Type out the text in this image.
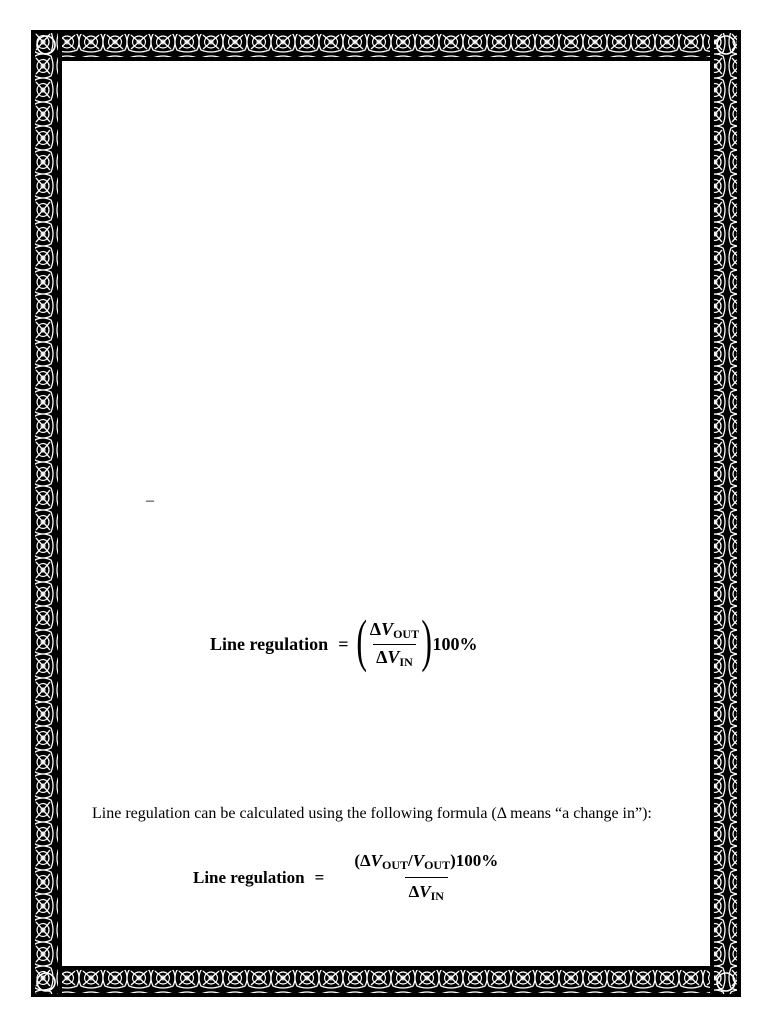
–
Line regulation = ( $\frac{\Delta V_{OUT}}{\Delta V_{IN}}$ ) 100%

Line regulation can be calculated using the following formula (Δ means “a change in”):

Line regulation = $\frac{(\Delta V_{OUT}/V_{OUT})100\%}{\Delta V_{IN}}$
